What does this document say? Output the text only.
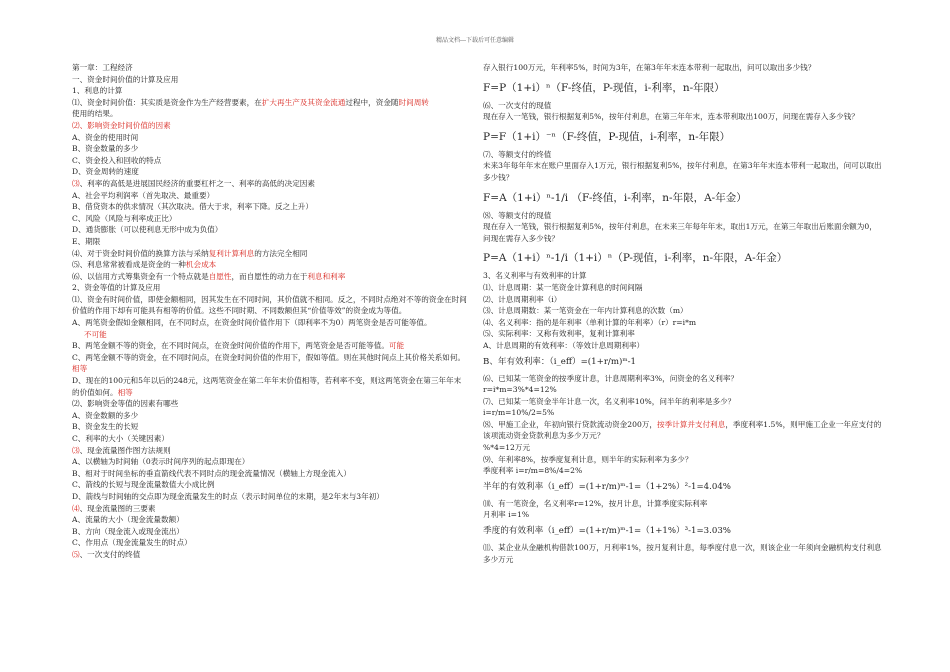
精品文档---下载后可任意编辑
第一章：工程经济
一、资金时间价值的计算及应用
1、利息的计算
⑴、资金时间价值：其实质是资金作为生产经营要素，在扩大再生产及其资金流通过程中，资金随时间周转
使用的结果。
⑵、影响资金时间价值的因素
A、资金的使用时间
B、资金数量的多少
C、资金投入和回收的特点
D、资金周转的速度
⑶、利率的高低是进展国民经济的重要杠杆之一、利率的高低的决定因素
A、社会平均利润率（首先取决、最重要）
B、借贷资本的供求情况（其次取决。借大于求，利率下降。反之上升）
C、风险（风险与利率成正比）
D、通货膨胀（可以使利息无形中成为负值）
E、期限
⑷、对于资金时间价值的换算方法与采纳复利计算利息的方法完全相同
⑸、利息常常被看成是资金的一种机会成本
⑹、以信用方式筹集资金有一个特点就是自愿性，而自愿性的动力在于利息和利率
2、资金等值的计算及应用
⑴、资金有时间价值，即使金额相同，因其发生在不同时间，其价值就不相同。反之，不同时点绝对不等的资金在时间价值的作用下却有可能具有相等的价值。这些不同时期、不同数额但其“价值等效”的资金成为等值。
A、两笔资金假如金额相同，在不同时点，在资金时间价值作用下（即利率不为0）两笔资金是否可能等值。
不可能
B、两笔金额不等的资金，在不同时间点，在资金时间价值的作用下，两笔资金是否可能等值。可能
C、两笔金额不等的资金，在不同时间点，在资金时间价值的作用下，假如等值。则在其他时间点上其价格关系如何。相等
D、现在的100元和5年以后的248元，这两笔资金在第二年年末价值相等，若利率不变，则这两笔资金在第三年年末的价值如何。相等
⑵、影响资金等值的因素有哪些
A、资金数额的多少
B、资金发生的长短
C、利率的大小（关键因素）
⑶、现金流量图作图方法规则
A、以横轴为时间轴（0表示时间序列的起点即现在）
B、相对于时间坐标的垂直箭线代表不同时点的现金流量情况（横轴上方现金流入）
C、箭线的长短与现金流量数值大小成比例
D、箭线与时间轴的交点即为现金流量发生的时点（表示时间单位的末期，是2年末与3年初）
⑷、现金流量图的三要素
A、流量的大小（现金流量数额）
B、方向（现金流入或现金流出）
C、作用点（现金流量发生的时点）
⑸、一次支付的终值
存入银行100万元，年利率5%，时间为3年，在第3年年末连本带利一起取出，问可以取出多少钱？
F=P（1+i）ⁿ（F-终值，P-现值，i-利率，n-年限）
⑹、一次支付的现值
现在存入一笔钱，银行根据复利5%，按年付利息，在第三年年末，连本带利取出100万，问现在需存入多少钱？
P=F（1+i）⁻ⁿ（F-终值，P-现值，i-利率，n-年限）
⑺、等额支付的终值
未来3年每年年末在账户里面存入1万元，银行根据复利5%，按年付利息，在第3年年末连本带利一起取出，问可以取出多少钱？
F=A（1+i）ⁿ-1/i （F-终值，i-利率，n-年限，A-年金）
⑻、等额支付的现值
现在存入一笔钱，银行根据复利5%，按年付利息，在未来三年每年年末，取出1万元，在第三年取出后账面余额为0，问现在需存入多少钱？
P=A（1+i）ⁿ-1/i（1+i）ⁿ（P-现值，i-利率，n-年限，A-年金）
3、名义利率与有效利率的计算
⑴、计息周期：某一笔资金计算利息的时间间隔
⑵、计息周期利率（i）
⑶、计息周期数：某一笔资金在一年内计算利息的次数（m）
⑷、名义利率：指的是年利率（单利计算的年利率）（r）r=i*m
⑸、实际利率：又称有效利率，复利计算利率
A、计息周期的有效利率：（等效计息周期利率）
B、年有效利率：（i_eff）=(1+r/m)ᵐ-1
⑹、已知某一笔资金的按季度计息，计息周期利率3%，问资金的名义利率？
r=i*m=3%*4=12%
⑺、已知某一笔资金半年计息一次，名义利率10%，问半年的利率是多少？
i=r/m=10%/2=5%
⑻、甲施工企业，年初向银行贷款流动资金200万，按季计算并支付利息，季度利率1.5%，则甲施工企业一年应支付的该项流动资金贷款利息为多少万元？
%*4=12万元
⑼、年利率8%，按季度复利计息，则半年的实际利率为多少？
季度利率 i=r/m=8%/4=2%
半年的有效利率（i_eff）=(1+r/m)ᵐ-1=（1+2%）²-1=4.04%
⑽、有一笔资金，名义利率r=12%，按月计息，计算季度实际利率
月利率 i=1%
季度的有效利率（i_eff）=(1+r/m)ᵐ-1=（1+1%）³-1=3.03%
⑾、某企业从金融机构借款100万，月利率1%，按月复利计息，每季度付息一次，则该企业一年须向金融机构支付利息多少万元
